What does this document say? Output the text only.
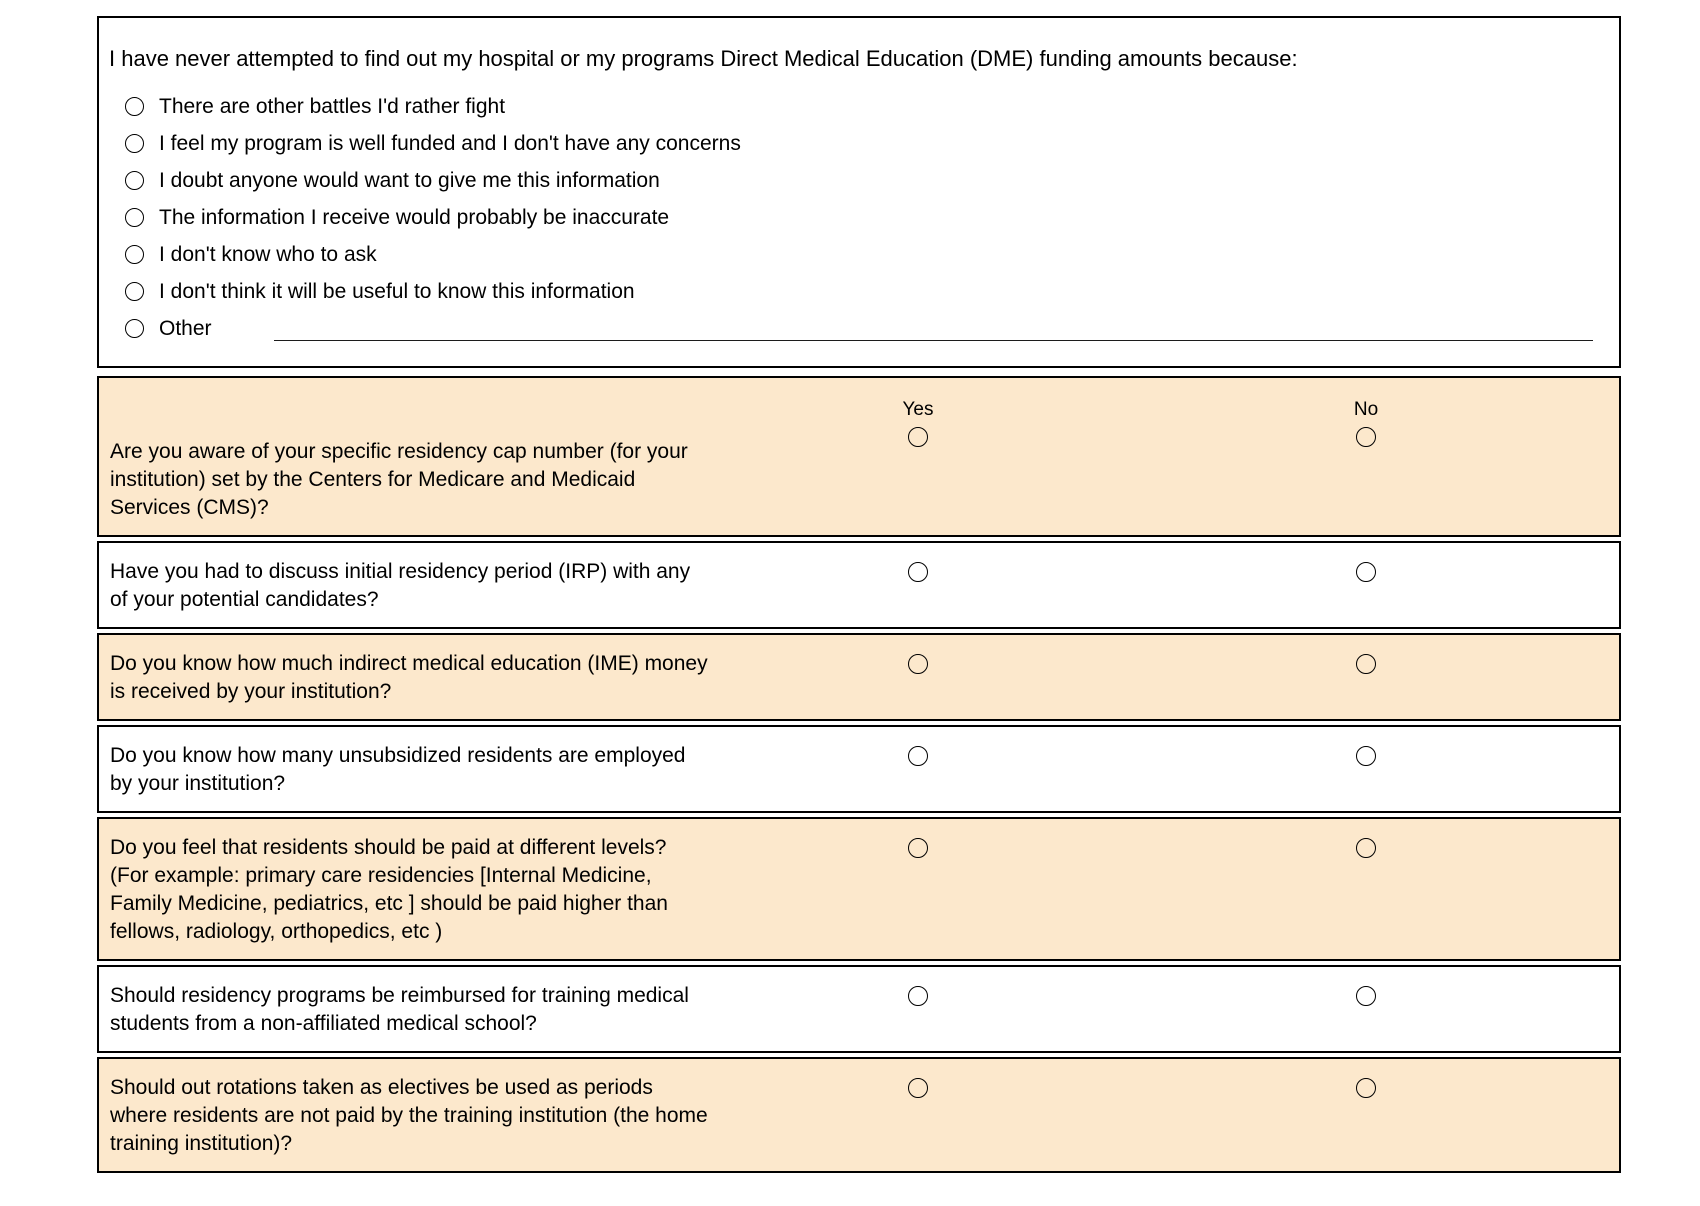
I have never attempted to find out my hospital or my programs Direct Medical Education (DME) funding amounts because:
There are other battles I'd rather fight
I feel my program is well funded and I don't have any concerns
I doubt anyone would want to give me this information
The information I receive would probably be inaccurate
I don't know who to ask
I don't think it will be useful to know this information
Other
Yes	No
Are you aware of your specific residency cap number (for your institution) set by the Centers for Medicare and Medicaid Services (CMS)?
Have you had to discuss initial residency period (IRP) with any of your potential candidates?
Do you know how much indirect medical education (IME) money is received by your institution?
Do you know how many unsubsidized residents are employed by your institution?
Do you feel that residents should be paid at different levels? (For example: primary care residencies [Internal Medicine, Family Medicine, pediatrics, etc ] should be paid higher than fellows, radiology, orthopedics, etc )
Should residency programs be reimbursed for training medical students from a non-affiliated medical school?
Should out rotations taken as electives be used as periods where residents are not paid by the training institution (the home training institution)?
